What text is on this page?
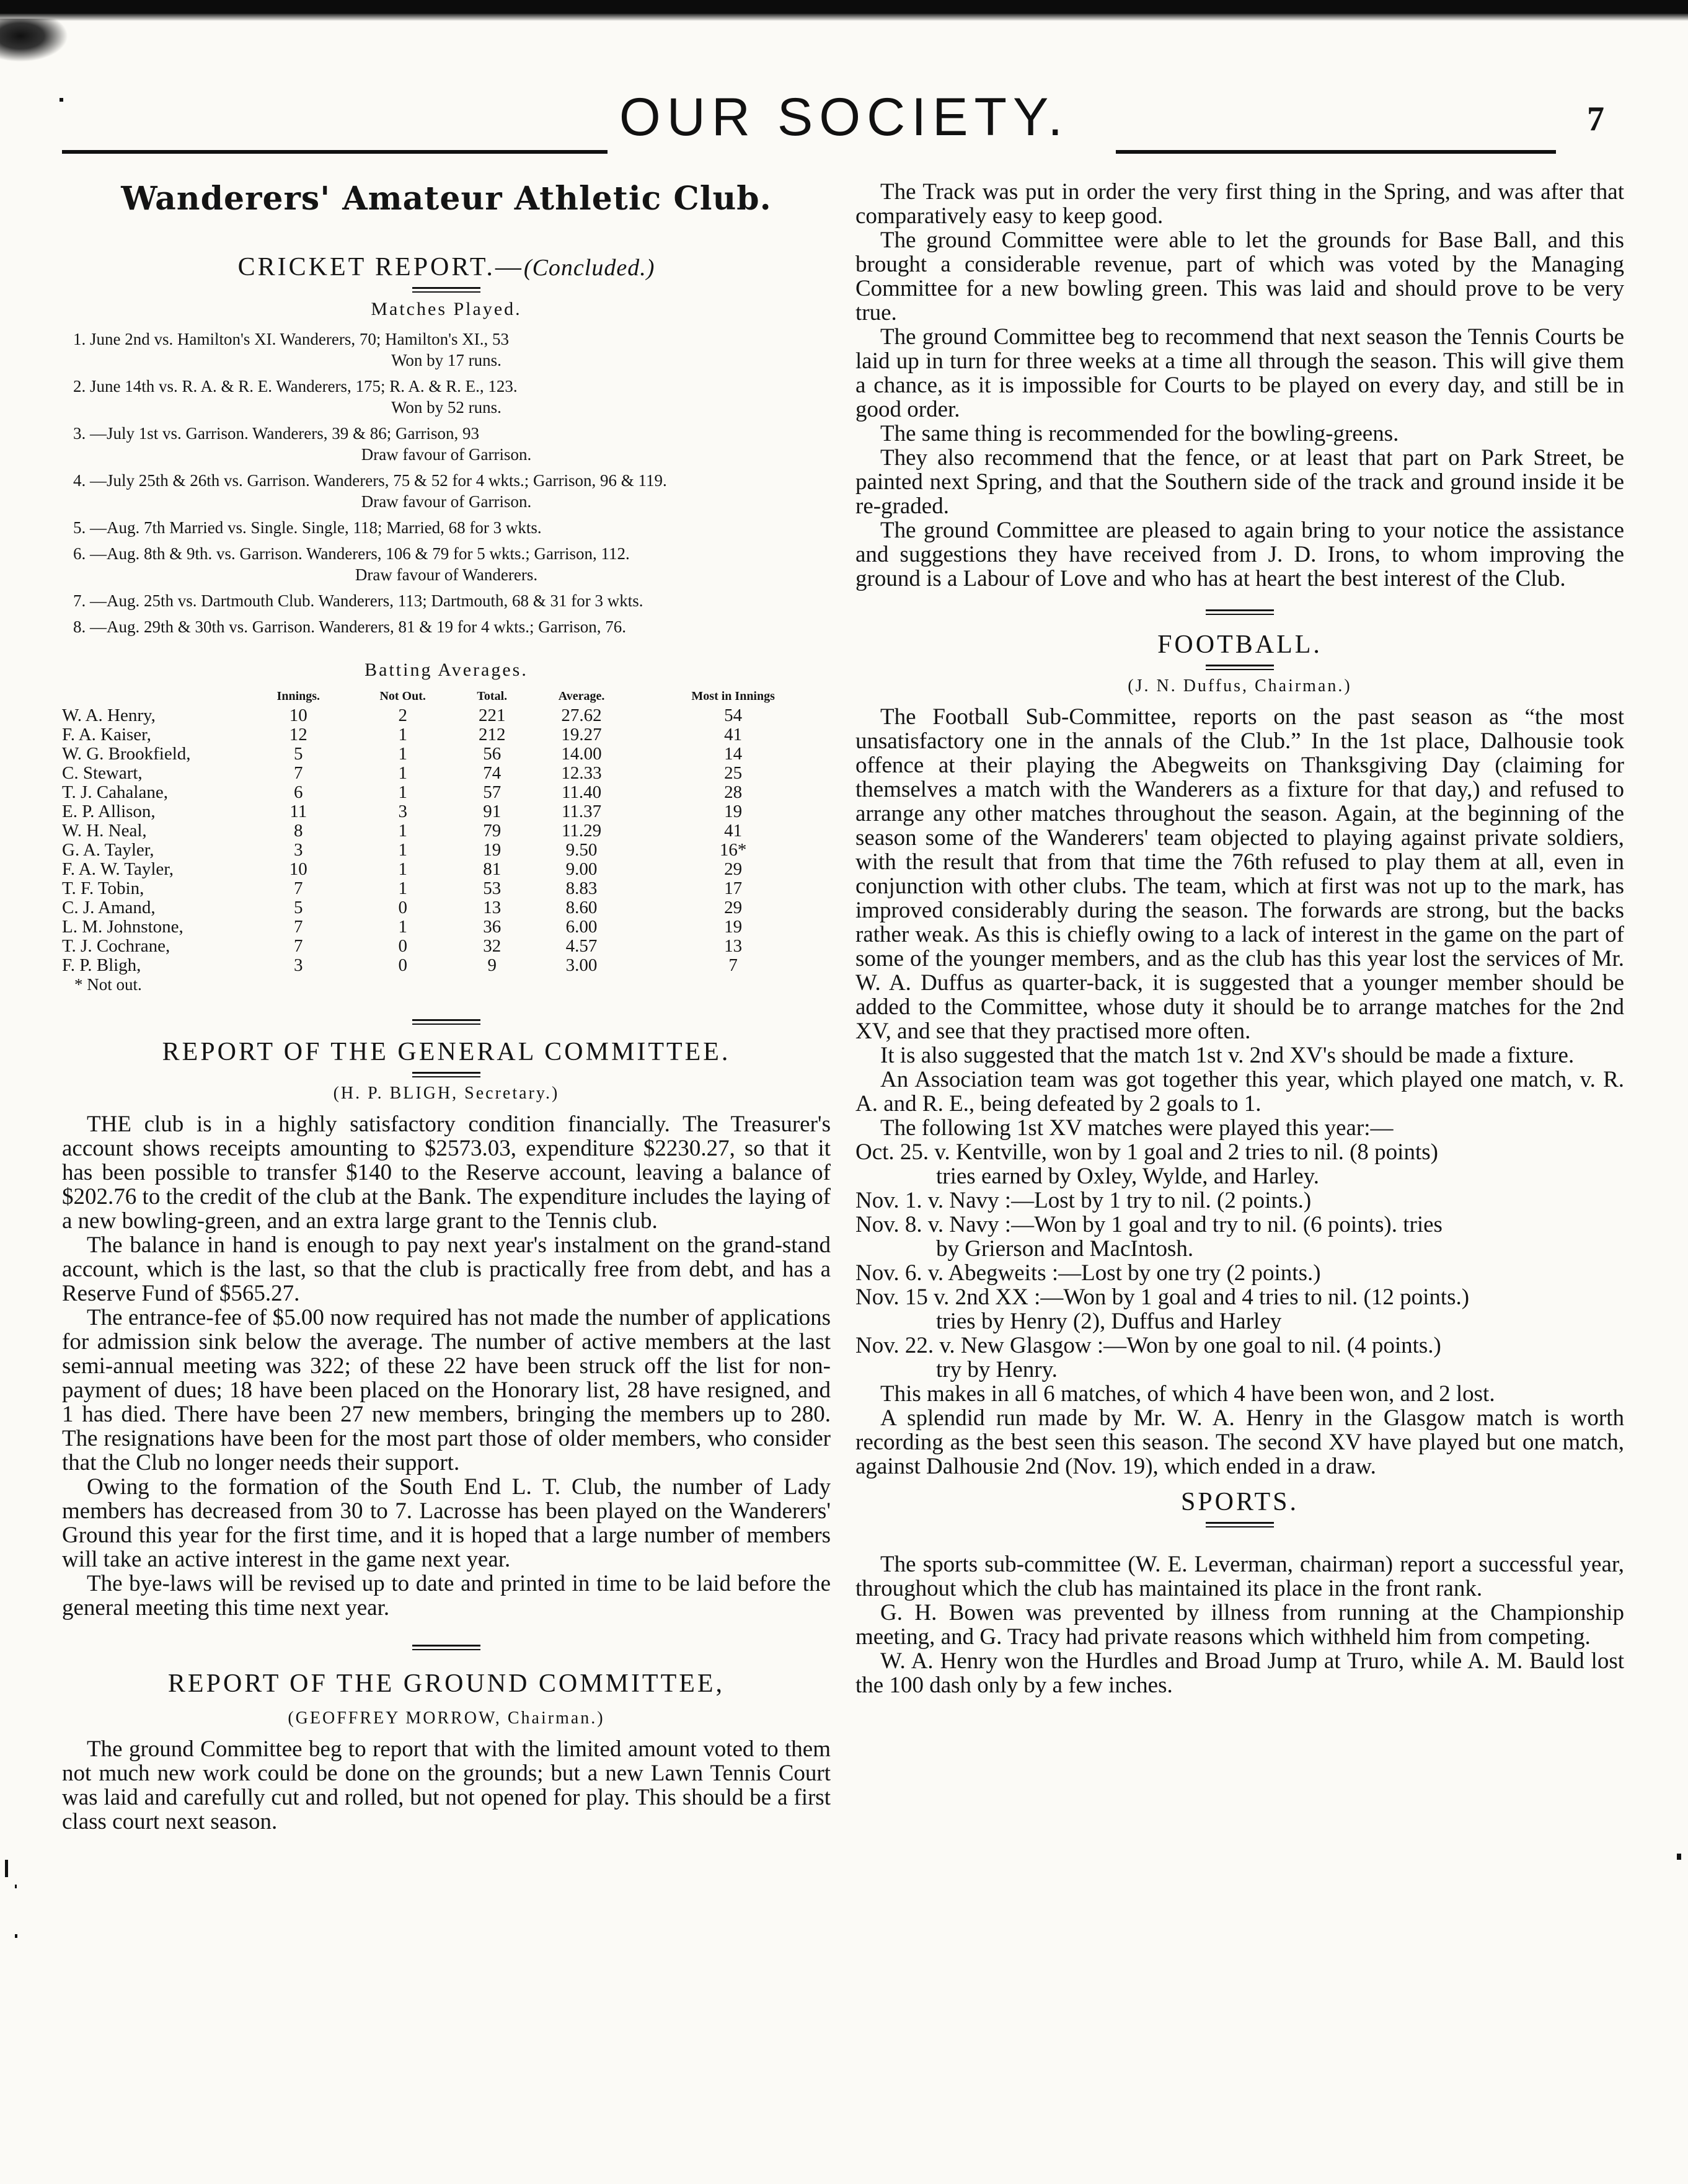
OUR SOCIETY.	7
Wanderers' Amateur Athletic Club.
CRICKET REPORT.—(Concluded.)
Matches Played.

1. June 2nd vs. Hamilton's XI. Wanderers, 70; Hamilton's XI., 53

Won by 17 runs.

2. June 14th vs. R. A. & R. E. Wanderers, 175; R. A. & R. E., 123.

Won by 52 runs.

3. —July 1st vs. Garrison. Wanderers, 39 & 86; Garrison, 93

Draw favour of Garrison.

4. —July 25th & 26th vs. Garrison. Wanderers, 75 & 52 for 4 wkts.; Garrison, 96 & 119.

Draw favour of Garrison.

5. —Aug. 7th Married vs. Single. Single, 118; Married, 68 for 3 wkts.

6. —Aug. 8th & 9th. vs. Garrison. Wanderers, 106 & 79 for 5 wkts.; Garrison, 112.

Draw favour of Wanderers.

7. —Aug. 25th vs. Dartmouth Club. Wanderers, 113; Dartmouth, 68 & 31 for 3 wkts.

8. —Aug. 29th & 30th vs. Garrison. Wanderers, 81 & 19 for 4 wkts.; Garrison, 76.

Batting Averages.
	Innings.	Not Out.	Total.	Average.	Most in Innings
W. A. Henry,	10	2	221	27.62	54
F. A. Kaiser,	12	1	212	19.27	41
W. G. Brookfield,	5	1	56	14.00	14
C. Stewart,	7	1	74	12.33	25
T. J. Cahalane,	6	1	57	11.40	28
E. P. Allison,	11	3	91	11.37	19
W. H. Neal,	8	1	79	11.29	41
G. A. Tayler,	3	1	19	9.50	16*
F. A. W. Tayler,	10	1	81	9.00	29
T. F. Tobin,	7	1	53	8.83	17
C. J. Amand,	5	0	13	8.60	29
L. M. Johnstone,	7	1	36	6.00	19
T. J. Cochrane,	7	0	32	4.57	13
F. P. Bligh,	3	0	9	3.00	7
* Not out.
REPORT OF THE GENERAL COMMITTEE.
(H. P. BLIGH, Secretary.)

THE club is in a highly satisfactory condition financially. The Treasurer's account shows receipts amounting to $2573.03, expenditure $2230.27, so that it has been possible to transfer $140 to the Reserve account, leaving a balance of $202.76 to the credit of the club at the Bank. The expenditure includes the laying of a new bowling-green, and an extra large grant to the Tennis club.

The balance in hand is enough to pay next year's instalment on the grand-stand account, which is the last, so that the club is practically free from debt, and has a Reserve Fund of $565.27.

The entrance-fee of $5.00 now required has not made the number of applications for admission sink below the average. The number of active members at the last semi-annual meeting was 322; of these 22 have been struck off the list for non-payment of dues; 18 have been placed on the Honorary list, 28 have resigned, and 1 has died. There have been 27 new members, bringing the members up to 280. The resignations have been for the most part those of older members, who consider that the Club no longer needs their support.

Owing to the formation of the South End L. T. Club, the number of Lady members has decreased from 30 to 7. Lacrosse has been played on the Wanderers' Ground this year for the first time, and it is hoped that a large number of members will take an active interest in the game next year.

The bye-laws will be revised up to date and printed in time to be laid before the general meeting this time next year.

REPORT OF THE GROUND COMMITTEE,
(GEOFFREY MORROW, Chairman.)

The ground Committee beg to report that with the limited amount voted to them not much new work could be done on the grounds; but a new Lawn Tennis Court was laid and carefully cut and rolled, but not opened for play. This should be a first class court next season.

The Track was put in order the very first thing in the Spring, and was after that comparatively easy to keep good.

The ground Committee were able to let the grounds for Base Ball, and this brought a considerable revenue, part of which was voted by the Managing Committee for a new bowling green. This was laid and should prove to be very true.

The ground Committee beg to recommend that next season the Tennis Courts be laid up in turn for three weeks at a time all through the season. This will give them a chance, as it is impossible for Courts to be played on every day, and still be in good order.

The same thing is recommended for the bowling-greens.

They also recommend that the fence, or at least that part on Park Street, be painted next Spring, and that the Southern side of the track and ground inside it be re-graded.

The ground Committee are pleased to again bring to your notice the assistance and suggestions they have received from J. D. Irons, to whom improving the ground is a Labour of Love and who has at heart the best interest of the Club.

FOOTBALL.
(J. N. Duffus, Chairman.)

The Football Sub-Committee, reports on the past season as “the most unsatisfactory one in the annals of the Club.” In the 1st place, Dalhousie took offence at their playing the Abegweits on Thanksgiving Day (claiming for themselves a match with the Wanderers as a fixture for that day,) and refused to arrange any other matches throughout the season. Again, at the beginning of the season some of the Wanderers' team objected to playing against private soldiers, with the result that from that time the 76th refused to play them at all, even in conjunction with other clubs. The team, which at first was not up to the mark, has improved considerably during the season. The forwards are strong, but the backs rather weak. As this is chiefly owing to a lack of interest in the game on the part of some of the younger members, and as the club has this year lost the services of Mr. W. A. Duffus as quarter-back, it is suggested that a younger member should be added to the Committee, whose duty it should be to arrange matches for the 2nd XV, and see that they practised more often.

It is also suggested that the match 1st v. 2nd XV's should be made a fixture.

An Association team was got together this year, which played one match, v. R. A. and R. E., being defeated by 2 goals to 1.

The following 1st XV matches were played this year:—

Oct. 25. v. Kentville, won by 1 goal and 2 tries to nil. (8 points)

tries earned by Oxley, Wylde, and Harley.

Nov. 1. v. Navy :—Lost by 1 try to nil. (2 points.)

Nov. 8. v. Navy :—Won by 1 goal and try to nil. (6 points). tries

by Grierson and MacIntosh.

Nov. 6. v. Abegweits :—Lost by one try (2 points.)

Nov. 15 v. 2nd XX :—Won by 1 goal and 4 tries to nil. (12 points.)

tries by Henry (2), Duffus and Harley

Nov. 22. v. New Glasgow :—Won by one goal to nil. (4 points.)

try by Henry.

This makes in all 6 matches, of which 4 have been won, and 2 lost.

A splendid run made by Mr. W. A. Henry in the Glasgow match is worth recording as the best seen this season. The second XV have played but one match, against Dalhousie 2nd (Nov. 19), which ended in a draw.

SPORTS.

The sports sub-committee (W. E. Leverman, chairman) report a successful year, throughout which the club has maintained its place in the front rank.

G. H. Bowen was prevented by illness from running at the Championship meeting, and G. Tracy had private reasons which withheld him from competing.

W. A. Henry won the Hurdles and Broad Jump at Truro, while A. M. Bauld lost the 100 dash only by a few inches.
